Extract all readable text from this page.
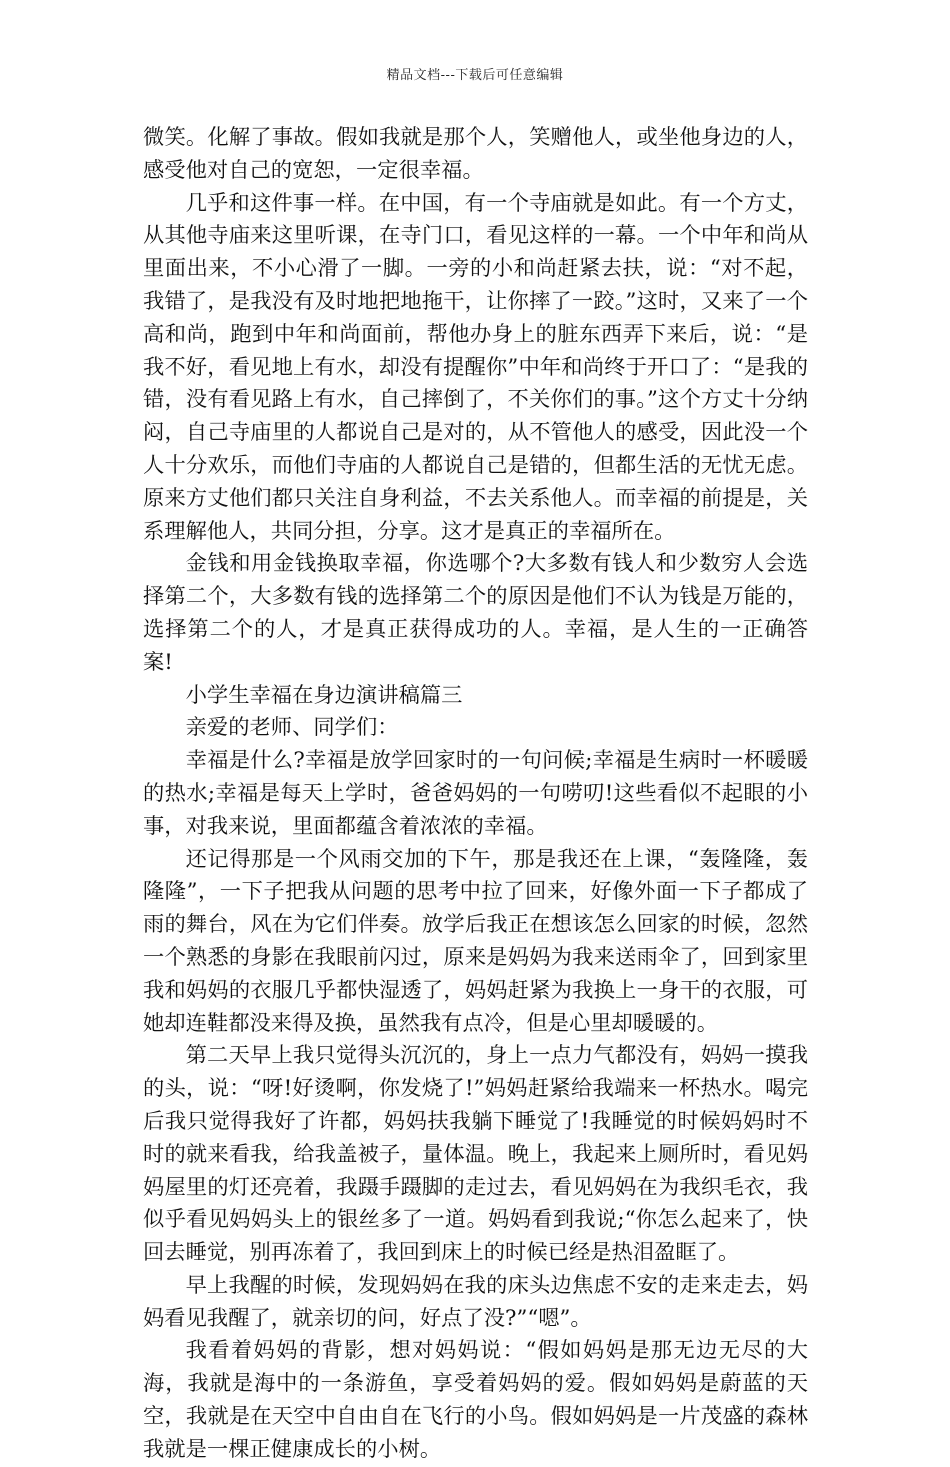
精品文档---下载后可任意编辑

微笑。化解了事故。假如我就是那个人，笑赠他人，或坐他身边的人，感受他对自己的宽恕，一定很幸福。

几乎和这件事一样。在中国，有一个寺庙就是如此。有一个方丈，从其他寺庙来这里听课，在寺门口，看见这样的一幕。一个中年和尚从里面出来，不小心滑了一脚。一旁的小和尚赶紧去扶，说：“对不起，我错了，是我没有及时地把地拖干，让你摔了一跤。”这时，又来了一个高和尚，跑到中年和尚面前，帮他办身上的脏东西弄下来后，说：“是我不好，看见地上有水，却没有提醒你”中年和尚终于开口了：“是我的错，没有看见路上有水，自己摔倒了，不关你们的事。”这个方丈十分纳闷，自己寺庙里的人都说自己是对的，从不管他人的感受，因此没一个人十分欢乐，而他们寺庙的人都说自己是错的，但都生活的无忧无虑。原来方丈他们都只关注自身利益，不去关系他人。而幸福的前提是，关系理解他人，共同分担，分享。这才是真正的幸福所在。

金钱和用金钱换取幸福，你选哪个?大多数有钱人和少数穷人会选择第二个，大多数有钱的选择第二个的原因是他们不认为钱是万能的，选择第二个的人，才是真正获得成功的人。幸福，是人生的一正确答案!

小学生幸福在身边演讲稿篇三

亲爱的老师、同学们：

幸福是什么?幸福是放学回家时的一句问候;幸福是生病时一杯暖暖的热水;幸福是每天上学时，爸爸妈妈的一句唠叨!这些看似不起眼的小事，对我来说，里面都蕴含着浓浓的幸福。

还记得那是一个风雨交加的下午，那是我还在上课，“轰隆隆，轰隆隆”，一下子把我从问题的思考中拉了回来，好像外面一下子都成了雨的舞台，风在为它们伴奏。放学后我正在想该怎么回家的时候，忽然一个熟悉的身影在我眼前闪过，原来是妈妈为我来送雨伞了，回到家里我和妈妈的衣服几乎都快湿透了，妈妈赶紧为我换上一身干的衣服，可她却连鞋都没来得及换，虽然我有点冷，但是心里却暖暖的。

第二天早上我只觉得头沉沉的，身上一点力气都没有，妈妈一摸我的头，说：“呀!好烫啊，你发烧了!”妈妈赶紧给我端来一杯热水。喝完后我只觉得我好了许都，妈妈扶我躺下睡觉了!我睡觉的时候妈妈时不时的就来看我，给我盖被子，量体温。晚上，我起来上厕所时，看见妈妈屋里的灯还亮着，我蹑手蹑脚的走过去，看见妈妈在为我织毛衣，我似乎看见妈妈头上的银丝多了一道。妈妈看到我说;“你怎么起来了，快回去睡觉，别再冻着了，我回到床上的时候已经是热泪盈眶了。

早上我醒的时候，发现妈妈在我的床头边焦虑不安的走来走去，妈妈看见我醒了，就亲切的问，好点了没?”“嗯”。

我看着妈妈的背影，想对妈妈说：“假如妈妈是那无边无尽的大海，我就是海中的一条游鱼，享受着妈妈的爱。假如妈妈是蔚蓝的天空，我就是在天空中自由自在飞行的小鸟。假如妈妈是一片茂盛的森林我就是一棵正健康成长的小树。
